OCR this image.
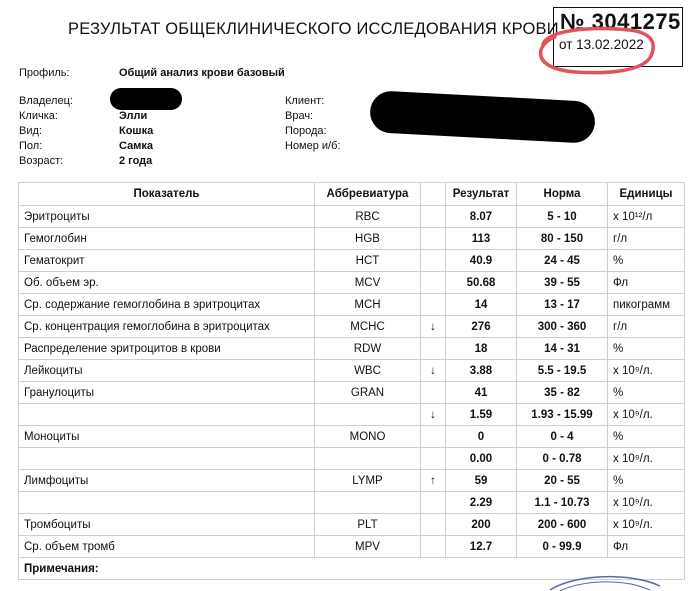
РЕЗУЛЬТАТ ОБЩЕКЛИНИЧЕСКОГО ИССЛЕДОВАНИЯ КРОВИ № 3041275
от 13.02.2022
Профиль:	Общий анализ крови базовый
Владелец:
Кличка:	Элли
Вид:	Кошка
Пол:	Самка
Возраст:	2 года
Клиент:
Врач:
Порода:
Номер и/б:
Показатель	Аббревиатура		Результат	Норма	Единицы
Эритроциты	RBC		8.07	5 - 10	x 10¹²/л
Гемоглобин	HGB		113	80 - 150	г/л
Гематокрит	HCT		40.9	24 - 45	%
Об. объем эр.	MCV		50.68	39 - 55	Фл
Ср. содержание гемоглобина в эритроцитах	MCH		14	13 - 17	пикограмм
Ср. концентрация гемоглобина в эритроцитах	MCHC	↓	276	300 - 360	г/л
Распределение эритроцитов в крови	RDW		18	14 - 31	%
Лейкоциты	WBC	↓	3.88	5.5 - 19.5	x 10⁹/л.
Гранулоциты	GRAN		41	35 - 82	%
		↓	1.59	1.93 - 15.99	x 10⁹/л.
Моноциты	MONO		0	0 - 4	%
			0.00	0 - 0.78	x 10⁹/л.
Лимфоциты	LYMP	↑	59	20 - 55	%
			2.29	1.1 - 10.73	x 10⁹/л.
Тромбоциты	PLT		200	200 - 600	x 10⁹/л.
Ср. объем тромб	MPV		12.7	0 - 99.9	Фл
Примечания:					
